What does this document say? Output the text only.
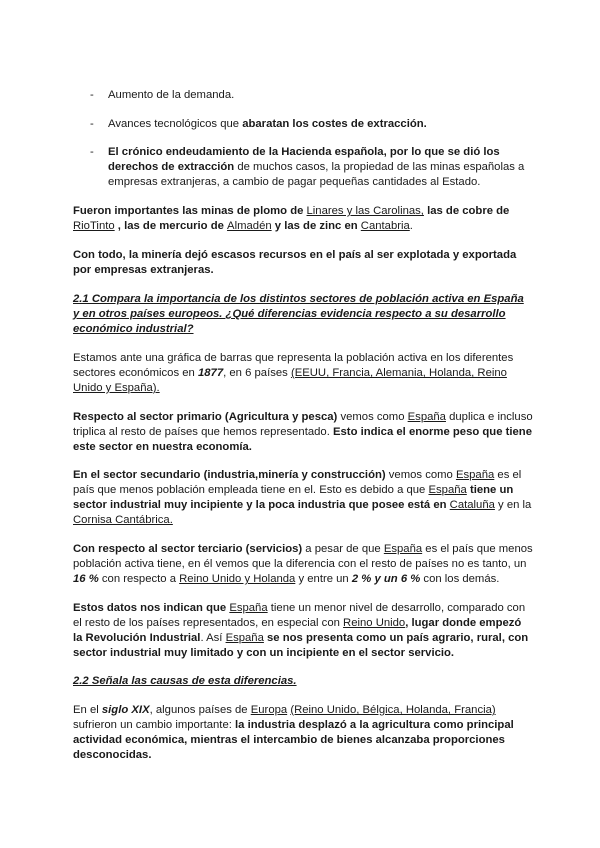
- Aumento de la demanda.
- Avances tecnológicos que abaratan los costes de extracción.
- El crónico endeudamiento de la Hacienda española, por lo que se dió los derechos de extracción de muchos casos, la propiedad de las minas españolas a empresas extranjeras, a cambio de pagar pequeñas cantidades al Estado.

Fueron importantes las minas de plomo de Linares y las Carolinas, las de cobre de RioTinto , las de mercurio de Almadén y las de zinc en Cantabria.

Con todo, la minería dejó escasos recursos en el país al ser explotada y exportada por empresas extranjeras.

2.1 Compara la importancia de los distintos sectores de población activa en España y en otros países europeos. ¿Qué diferencias evidencia respecto a su desarrollo económico industrial?

Estamos ante una gráfica de barras que representa la población activa en los diferentes sectores económicos en 1877, en 6 países (EEUU, Francia, Alemania, Holanda, Reino Unido y España).

Respecto al sector primario (Agricultura y pesca) vemos como España duplica e incluso triplica al resto de países que hemos representado. Esto indica el enorme peso que tiene este sector en nuestra economía.

En el sector secundario (industria,minería y construcción) vemos como España es el país que menos población empleada tiene en el. Esto es debido a que España tiene un sector industrial muy incipiente y la poca industria que posee está en Cataluña y en la Cornisa Cantábrica.

Con respecto al sector terciario (servicios) a pesar de que España es el país que menos población activa tiene, en él vemos que la diferencia con el resto de países no es tanto, un 16 % con respecto a Reino Unido y Holanda y entre un 2 % y un 6 % con los demás.

Estos datos nos indican que España tiene un menor nivel de desarrollo, comparado con el resto de los países representados, en especial con Reino Unido, lugar donde empezó la Revolución Industrial. Así España se nos presenta como un país agrario, rural, con sector industrial muy limitado y con un incipiente en el sector servicio.

2.2 Señala las causas de esta diferencias.

En el siglo XIX, algunos países de Europa (Reino Unido, Bélgica, Holanda, Francia) sufrieron un cambio importante: la industria desplazó a la agricultura como principal actividad económica, mientras el intercambio de bienes alcanzaba proporciones desconocidas.
